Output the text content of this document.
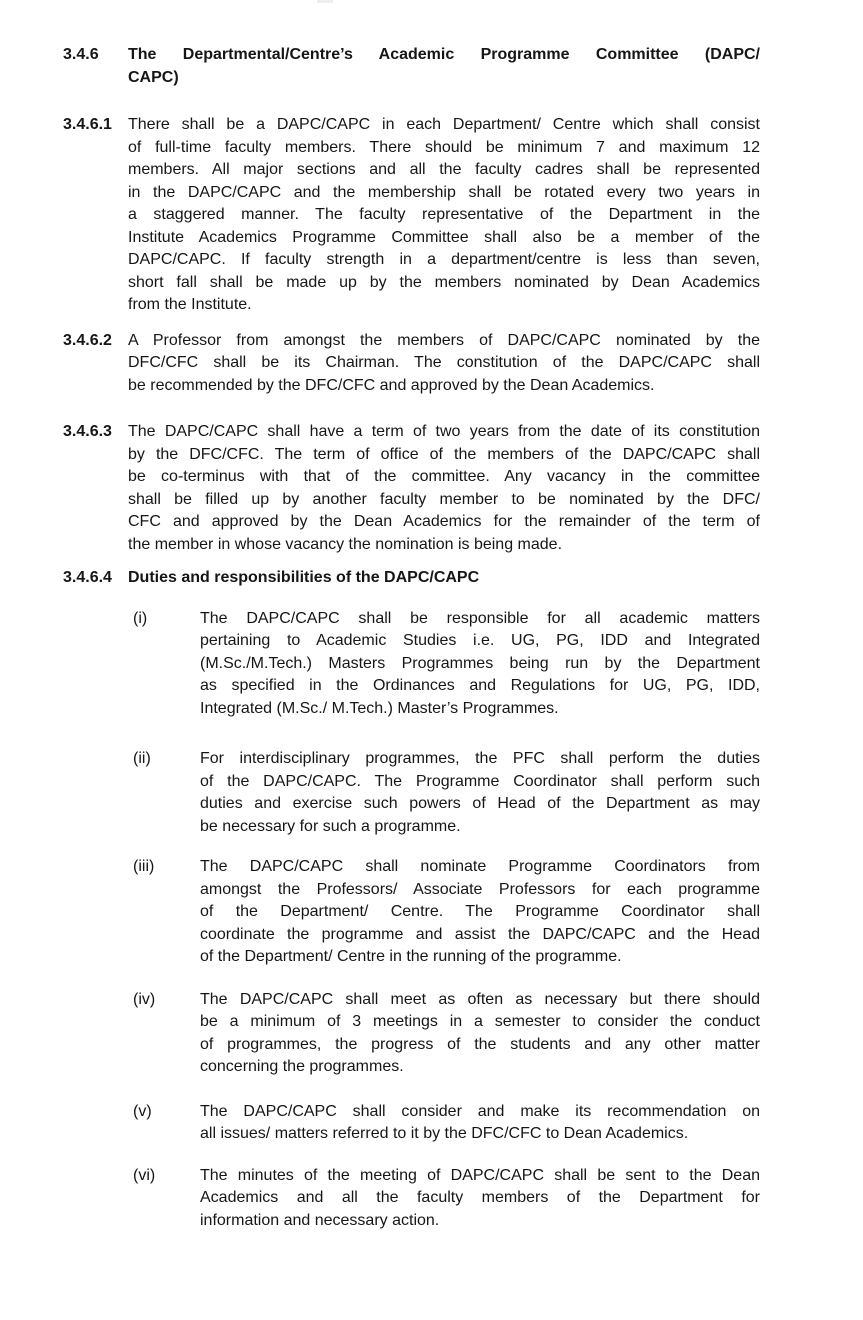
3.4.6	The Departmental/Centre’s Academic Programme Committee (DAPC/
CAPC)
3.4.6.1	There shall be a DAPC/CAPC in each Department/ Centre which shall consist
of full-time faculty members. There should be minimum 7 and maximum 12
members. All major sections and all the faculty cadres shall be represented
in the DAPC/CAPC and the membership shall be rotated every two years in
a staggered manner. The faculty representative of the Department in the
Institute Academics Programme Committee shall also be a member of the
DAPC/CAPC. If faculty strength in a department/centre is less than seven,
short fall shall be made up by the members nominated by Dean Academics
from the Institute.
3.4.6.2	A Professor from amongst the members of DAPC/CAPC nominated by the
DFC/CFC shall be its Chairman. The constitution of the DAPC/CAPC shall
be recommended by the DFC/CFC and approved by the Dean Academics.
3.4.6.3	The DAPC/CAPC shall have a term of two years from the date of its constitution
by the DFC/CFC. The term of office of the members of the DAPC/CAPC shall
be co-terminus with that of the committee. Any vacancy in the committee
shall be filled up by another faculty member to be nominated by the DFC/
CFC and approved by the Dean Academics for the remainder of the term of
the member in whose vacancy the nomination is being made.
3.4.6.4	Duties and responsibilities of the DAPC/CAPC
(i)	The DAPC/CAPC shall be responsible for all academic matters
pertaining to Academic Studies i.e. UG, PG, IDD and Integrated
(M.Sc./M.Tech.) Masters Programmes being run by the Department
as specified in the Ordinances and Regulations for UG, PG, IDD,
Integrated (M.Sc./ M.Tech.) Master’s Programmes.
(ii)	For interdisciplinary programmes, the PFC shall perform the duties
of the DAPC/CAPC. The Programme Coordinator shall perform such
duties and exercise such powers of Head of the Department as may
be necessary for such a programme.
(iii)	The DAPC/CAPC shall nominate Programme Coordinators from
amongst the Professors/ Associate Professors for each programme
of the Department/ Centre. The Programme Coordinator shall
coordinate the programme and assist the DAPC/CAPC and the Head
of the Department/ Centre in the running of the programme.
(iv)	The DAPC/CAPC shall meet as often as necessary but there should
be a minimum of 3 meetings in a semester to consider the conduct
of programmes, the progress of the students and any other matter
concerning the programmes.
(v)	The DAPC/CAPC shall consider and make its recommendation on
all issues/ matters referred to it by the DFC/CFC to Dean Academics.
(vi)	The minutes of the meeting of DAPC/CAPC shall be sent to the Dean
Academics and all the faculty members of the Department for
information and necessary action.
